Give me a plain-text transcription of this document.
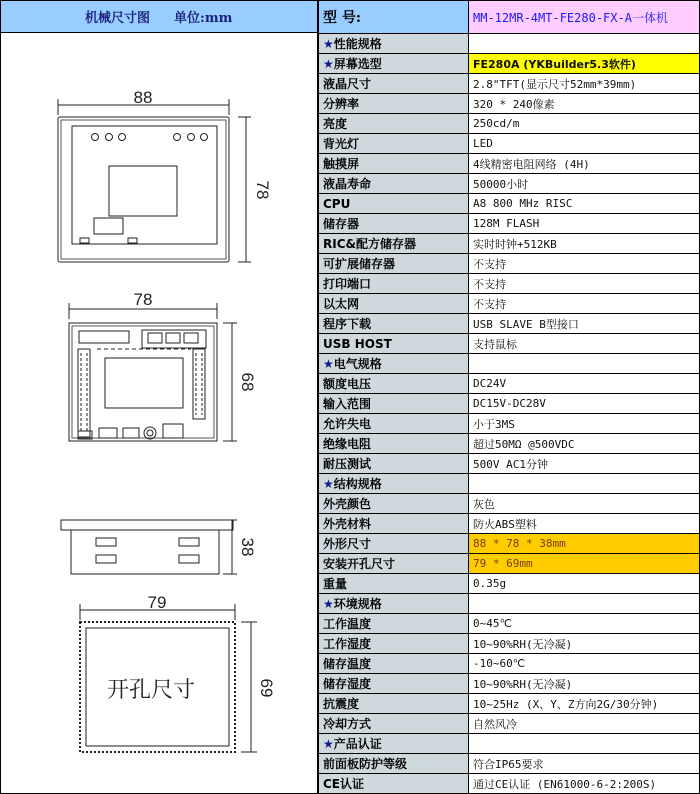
机械尺寸图 单位:mm
88
78
78
68
38
79
69
开孔尺寸
型 号:	MM-12MR-4MT-FE280-FX-A一体机
★性能规格	
★屏幕选型	FE280A (YKBuilder5.3软件)
液晶尺寸	2.8"TFT(显示尺寸52mm*39mm)
分辨率	320 * 240像素
亮度	250cd/m
背光灯	LED
触摸屏	4线精密电阻网络 (4H)
液晶寿命	50000小时
CPU	A8 800 MHz RISC
储存器	128M FLASH
RIC&配方储存器	实时时钟+512KB
可扩展储存器	不支持
打印端口	不支持
以太网	不支持
程序下载	USB SLAVE B型接口
USB HOST	支持鼠标
★电气规格	
额度电压	DC24V
输入范围	DC15V-DC28V
允许失电	小于3MS
绝缘电阻	超过50MΩ @500VDC
耐压测试	500V AC1分钟
★结构规格	
外壳颜色	灰色
外壳材料	防火ABS塑料
外形尺寸	88 * 78 * 38mm
安装开孔尺寸	79 * 69mm
重量	0.35g
★环境规格	
工作温度	0~45℃
工作湿度	10~90%RH(无冷凝)
储存温度	-10~60℃
储存湿度	10~90%RH(无冷凝)
抗震度	10~25Hz (X、Y、Z方向2G/30分钟)
冷却方式	自然风冷
★产品认证	
前面板防护等级	符合IP65要求
CE认证	通过CE认证 (EN61000-6-2:200S)
